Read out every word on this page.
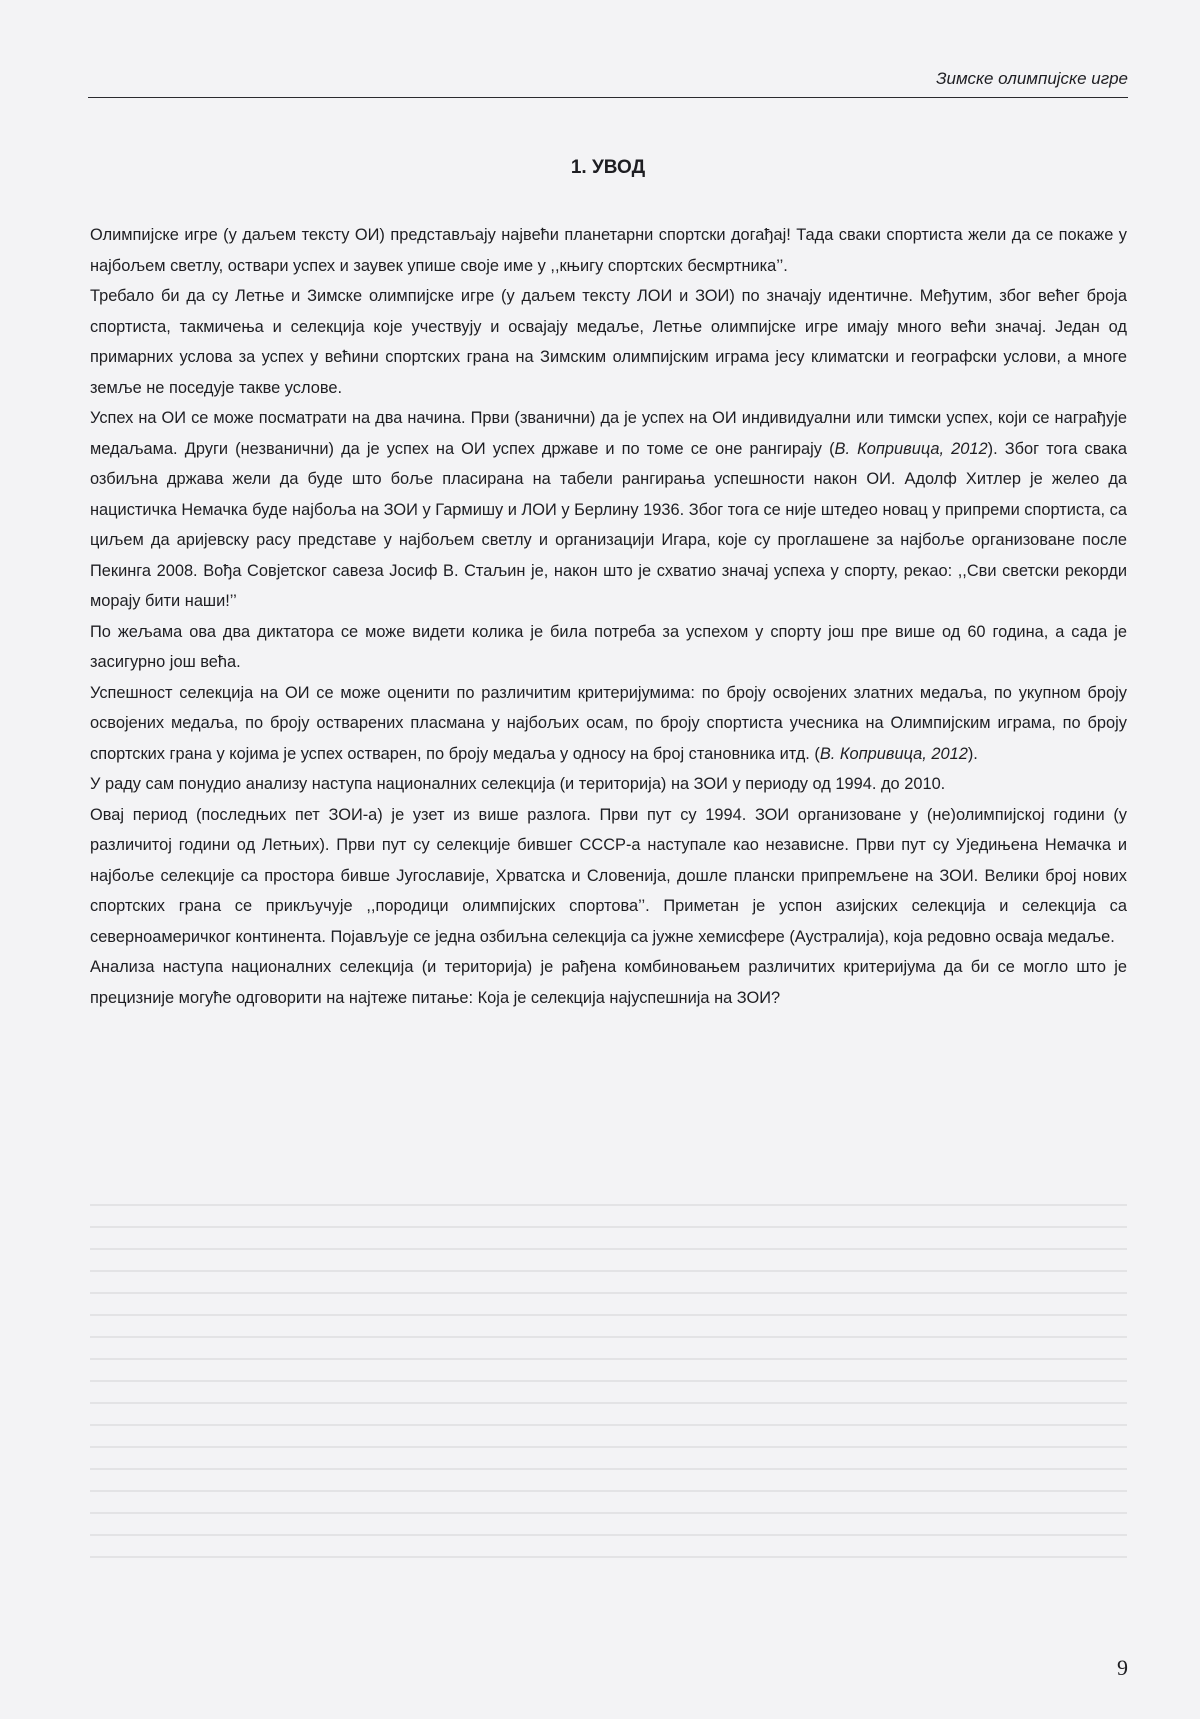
Зимске олимпијске игре
1. УВОД

Олимпијске игре (у даљем тексту ОИ) представљају највећи планетарни спортски догађај! Тада сваки спортиста жели да се покаже у најбољем светлу, оствари успех и заувек упише своје име у ,,књигу спортских бесмртника’’.

Требало би да су Летње и Зимске олимпијске игре (у даљем тексту ЛОИ и ЗОИ) по значају идентичне. Међутим, због већег броја спортиста, такмичења и селекција које учествују и освајају медаље, Летње олимпијске игре имају много већи значај. Један од примарних услова за успех у већини спортских грана на Зимским олимпијским играма јесу климатски и географски услови, а многе земље не поседује такве услове.

Успех на ОИ се може посматрати на два начина. Први (званични) да је успех на ОИ индивидуални или тимски успех, који се награђује медаљама. Други (незванични) да је успех на ОИ успех државе и по томе се оне рангирају (В. Копривица, 2012). Због тога свака озбиљна држава жели да буде што боље пласирана на табели рангирања успешности након ОИ. Адолф Хитлер је желео да нацистичка Немачка буде најбоља на ЗОИ у Гармишу и ЛОИ у Берлину 1936. Због тога се није штедео новац у припреми спортиста, са циљем да аријевску расу представе у најбољем светлу и организацији Игара, које су проглашене за најбоље организоване после Пекинга 2008. Вођа Совјетског савеза Јосиф В. Стаљин је, након што је схватио значај успеха у спорту, рекао: ,,Сви светски рекорди морају бити наши!’’

По жељама ова два диктатора се може видети колика је била потреба за успехом у спорту још пре више од 60 година, а сада је засигурно још већа.

Успешност селекција на ОИ се може оценити по различитим критеријумима: по броју освојених златних медаља, по укупном броју освојених медаља, по броју остварених пласмана у најбољих осам, по броју спортиста учесника на Олимпијским играма, по броју спортских грана у којима је успех остварен, по броју медаља у односу на број становника итд. (В. Копривица, 2012).

У раду сам понудио анализу наступа националних селекција (и територија) на ЗОИ у периоду од 1994. до 2010.

Овај период (последњих пет ЗОИ-а) је узет из више разлога. Први пут су 1994. ЗОИ организоване у (не)олимпијској години (у различитој години од Летњих). Први пут су селекције бившег СССР-а наступале као независне. Први пут су Уједињена Немачка и најбоље селекције са простора бивше Југославије, Хрватска и Словенија, дошле плански припремљене на ЗОИ. Велики број нових спортских грана се прикључује ,,породици олимпијских спортова’’. Приметан је успон азијских селекција и селекција са северноамеричког континента. Појављује се једна озбиљна селекција са јужне хемисфере (Аустралија), која редовно осваја медаље.

Анализа наступа националних селекција (и територија) је рађена комбиновањем различитих критеријума да би се могло што је прецизније могуће одговорити на најтеже питање: Која је селекција најуспешнија на ЗОИ?

9
